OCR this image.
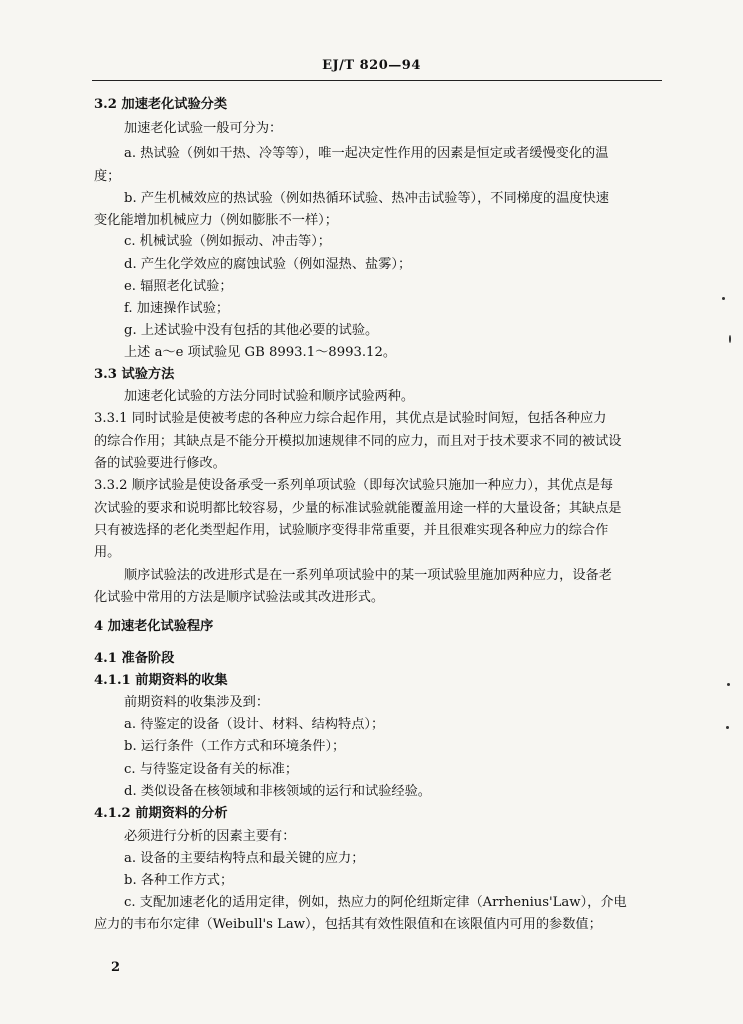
EJ/T 820—94
3.2 加速老化试验分类
加速老化试验一般可分为：
a. 热试验（例如干热、冷等等），唯一起决定性作用的因素是恒定或者缓慢变化的温
度；
b. 产生机械效应的热试验（例如热循环试验、热冲击试验等），不同梯度的温度快速
变化能增加机械应力（例如膨胀不一样）；
c. 机械试验（例如振动、冲击等）；
d. 产生化学效应的腐蚀试验（例如湿热、盐雾）；
e. 辐照老化试验；
f. 加速操作试验；
g. 上述试验中没有包括的其他必要的试验。
上述 a～e 项试验见 GB 8993.1～8993.12。
3.3 试验方法
加速老化试验的方法分同时试验和顺序试验两种。
3.3.1 同时试验是使被考虑的各种应力综合起作用，其优点是试验时间短，包括各种应力
的综合作用；其缺点是不能分开模拟加速规律不同的应力，而且对于技术要求不同的被试设
备的试验要进行修改。
3.3.2 顺序试验是使设备承受一系列单项试验（即每次试验只施加一种应力），其优点是每
次试验的要求和说明都比较容易，少量的标准试验就能覆盖用途一样的大量设备；其缺点是
只有被选择的老化类型起作用，试验顺序变得非常重要，并且很难实现各种应力的综合作
用。
顺序试验法的改进形式是在一系列单项试验中的某一项试验里施加两种应力，设备老
化试验中常用的方法是顺序试验法或其改进形式。
4 加速老化试验程序
4.1 准备阶段
4.1.1 前期资料的收集
前期资料的收集涉及到：
a. 待鉴定的设备（设计、材料、结构特点）；
b. 运行条件（工作方式和环境条件）；
c. 与待鉴定设备有关的标准；
d. 类似设备在核领域和非核领域的运行和试验经验。
4.1.2 前期资料的分析
必须进行分析的因素主要有：
a. 设备的主要结构特点和最关键的应力；
b. 各种工作方式；
c. 支配加速老化的适用定律，例如，热应力的阿伦纽斯定律（Arrhenius'Law），介电
应力的韦布尔定律（Weibull's Law），包括其有效性限值和在该限值内可用的参数值；
2
